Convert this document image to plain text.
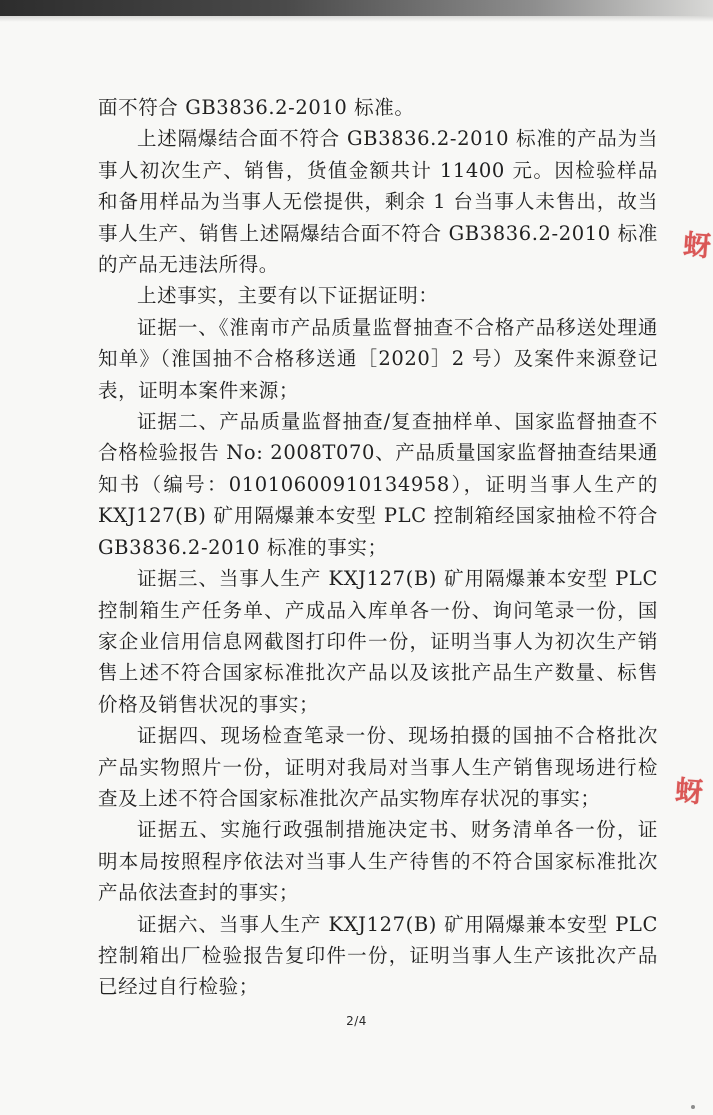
面不符合 GB3836.2-2010 标准。

上述隔爆结合面不符合 GB3836.2-2010 标准的产品为当事人初次生产、销售，货值金额共计 11400 元。因检验样品和备用样品为当事人无偿提供，剩余 1 台当事人未售出，故当事人生产、销售上述隔爆结合面不符合 GB3836.2-2010 标准的产品无违法所得。

上述事实，主要有以下证据证明：

证据一、《淮南市产品质量监督抽查不合格产品移送处理通知单》（淮国抽不合格移送通［2020］2 号）及案件来源登记表，证明本案件来源；

证据二、产品质量监督抽查/复查抽样单、国家监督抽查不合格检验报告 No: 2008T070、产品质量国家监督抽查结果通知书（编号：01010600910134958），证明当事人生产的 KXJ127(B) 矿用隔爆兼本安型 PLC 控制箱经国家抽检不符合 GB3836.2-2010 标准的事实；

证据三、当事人生产 KXJ127(B) 矿用隔爆兼本安型 PLC 控制箱生产任务单、产成品入库单各一份、询问笔录一份，国家企业信用信息网截图打印件一份，证明当事人为初次生产销售上述不符合国家标准批次产品以及该批产品生产数量、标售价格及销售状况的事实；

证据四、现场检查笔录一份、现场拍摄的国抽不合格批次产品实物照片一份，证明对我局对当事人生产销售现场进行检查及上述不符合国家标准批次产品实物库存状况的事实；

证据五、实施行政强制措施决定书、财务清单各一份，证明本局按照程序依法对当事人生产待售的不符合国家标准批次产品依法查封的事实；

证据六、当事人生产 KXJ127(B) 矿用隔爆兼本安型 PLC 控制箱出厂检验报告复印件一份，证明当事人生产该批次产品已经过自行检验；

蚜
蚜
2/4
